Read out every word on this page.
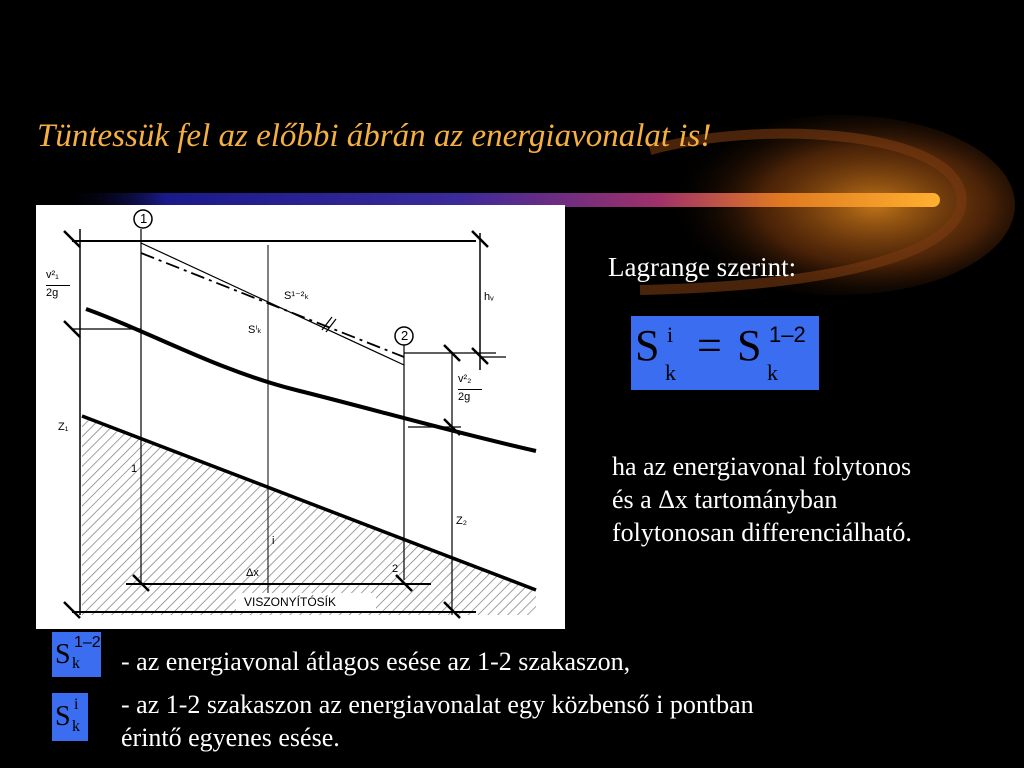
Tüntessük fel az előbbi ábrán az energiavonalat is!
1
2
v²₁
2g
v²₂
2g
hᵥ
S¹⁻²ₖ
Sⁱₖ
Z₁
Z₂
1
2
i
Δx
VISZONYÍTÓSÍK
Lagrange szerint:
S i
k
= S 1–2
k
ha az energiavonal folytonos
és a Δx tartományban
folytonosan differenciálható.
S 1–2
k - az energiavonal átlagos esése az 1-2 szakaszon,
S i
k
- az 1-2 szakaszon az energiavonalat egy közbenső i pontban
érintő egyenes esése.
